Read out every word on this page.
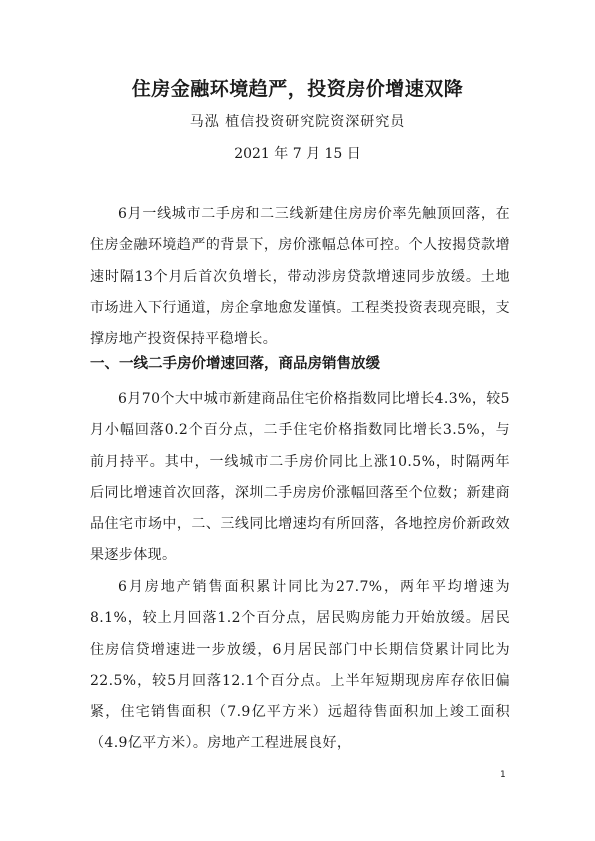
住房金融环境趋严，投资房价增速双降
马泓 植信投资研究院资深研究员
2021 年 7 月 15 日

6月一线城市二手房和二三线新建住房房价率先触顶回落，在住房金融环境趋严的背景下，房价涨幅总体可控。个人按揭贷款增速时隔13个月后首次负增长，带动涉房贷款增速同步放缓。土地市场进入下行通道，房企拿地愈发谨慎。工程类投资表现亮眼，支撑房地产投资保持平稳增长。

一、一线二手房价增速回落，商品房销售放缓

6月70个大中城市新建商品住宅价格指数同比增长4.3%，较5月小幅回落0.2个百分点，二手住宅价格指数同比增长3.5%，与前月持平。其中，一线城市二手房价同比上涨10.5%，时隔两年后同比增速首次回落，深圳二手房房价涨幅回落至个位数；新建商品住宅市场中，二、三线同比增速均有所回落，各地控房价新政效果逐步体现。

6月房地产销售面积累计同比为27.7%，两年平均增速为8.1%，较上月回落1.2个百分点，居民购房能力开始放缓。居民住房信贷增速进一步放缓，6月居民部门中长期信贷累计同比为22.5%，较5月回落12.1个百分点。上半年短期现房库存依旧偏紧，住宅销售面积（7.9亿平方米）远超待售面积加上竣工面积（4.9亿平方米）。房地产工程进展良好，

1
